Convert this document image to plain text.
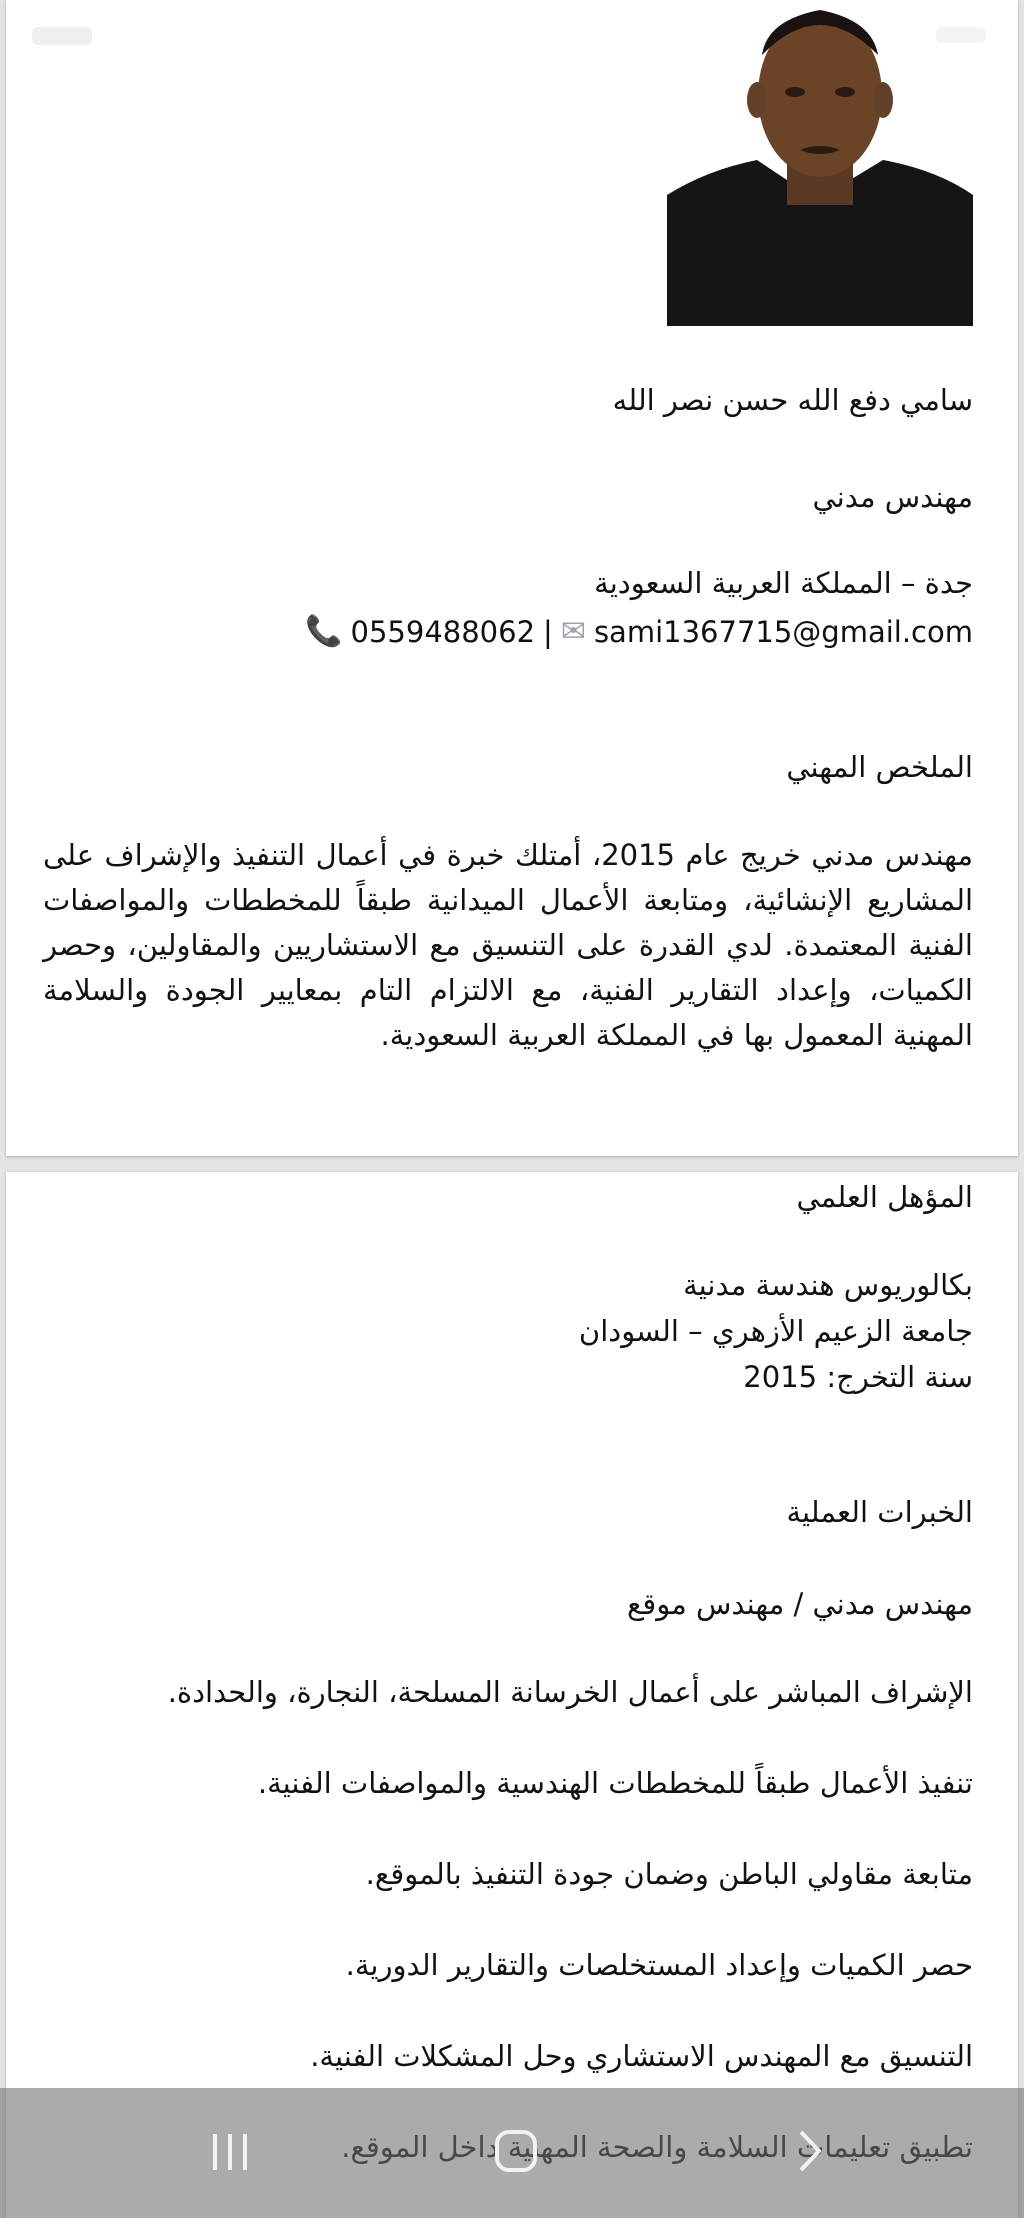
سامي دفع الله حسن نصر الله
مهندس مدني
جدة – المملكة العربية السعودية
📞 0559488062 | ✉ sami1367715@gmail.com
الملخص المهني
مهندس مدني خريج عام 2015، أمتلك خبرة في أعمال التنفيذ والإشراف على المشاريع الإنشائية، ومتابعة الأعمال الميدانية طبقاً للمخططات والمواصفات الفنية المعتمدة. لدي القدرة على التنسيق مع الاستشاريين والمقاولين، وحصر الكميات، وإعداد التقارير الفنية، مع الالتزام التام بمعايير الجودة والسلامة المهنية المعمول بها في المملكة العربية السعودية.
المؤهل العلمي
بكالوريوس هندسة مدنية
جامعة الزعيم الأزهري – السودان
سنة التخرج: 2015
الخبرات العملية
مهندس مدني / مهندس موقع
الإشراف المباشر على أعمال الخرسانة المسلحة، النجارة، والحدادة.
تنفيذ الأعمال طبقاً للمخططات الهندسية والمواصفات الفنية.
متابعة مقاولي الباطن وضمان جودة التنفيذ بالموقع.
حصر الكميات وإعداد المستخلصات والتقارير الدورية.
التنسيق مع المهندس الاستشاري وحل المشكلات الفنية.
